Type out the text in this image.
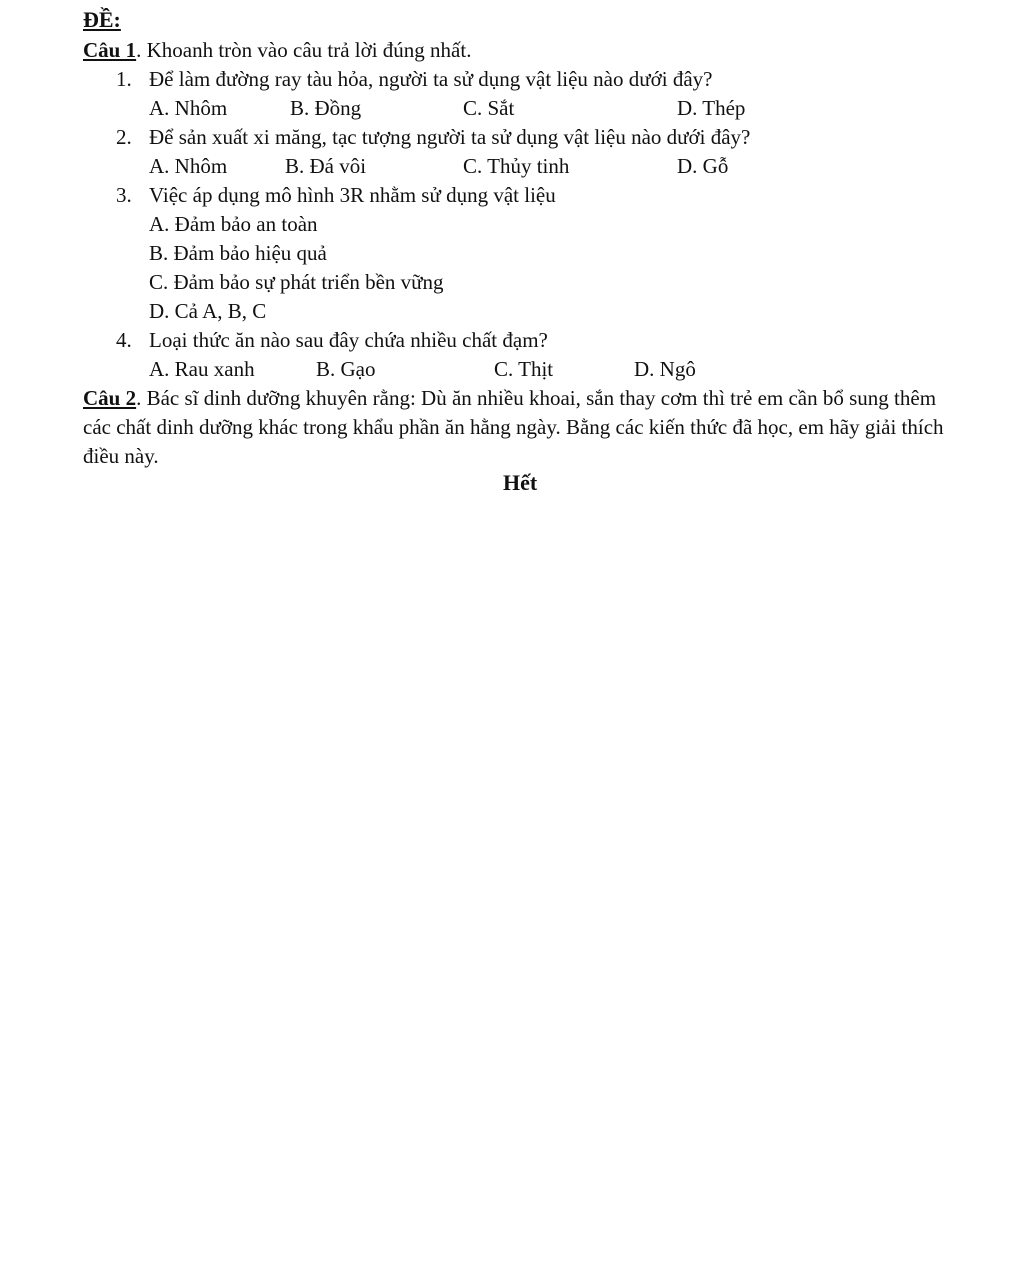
ĐỀ:
Câu 1. Khoanh tròn vào câu trả lời đúng nhất.
1. Để làm đường ray tàu hỏa, người ta sử dụng vật liệu nào dưới đây?
A. Nhôm	B. Đồng	C. Sắt	D. Thép
2. Để sản xuất xi măng, tạc tượng người ta sử dụng vật liệu nào dưới đây?
A. Nhôm	B. Đá vôi	C. Thủy tinh	D. Gỗ
3. Việc áp dụng mô hình 3R nhằm sử dụng vật liệu
A. Đảm bảo an toàn
B. Đảm bảo hiệu quả
C. Đảm bảo sự phát triển bền vững
D. Cả A, B, C
4. Loại thức ăn nào sau đây chứa nhiều chất đạm?
A. Rau xanh	B. Gạo	C. Thịt	D. Ngô
Câu 2. Bác sĩ dinh dưỡng khuyên rằng: Dù ăn nhiều khoai, sắn thay cơm thì trẻ em cần bổ sung thêm các chất dinh dưỡng khác trong khẩu phần ăn hằng ngày. Bằng các kiến thức đã học, em hãy giải thích điều này.
Hết
